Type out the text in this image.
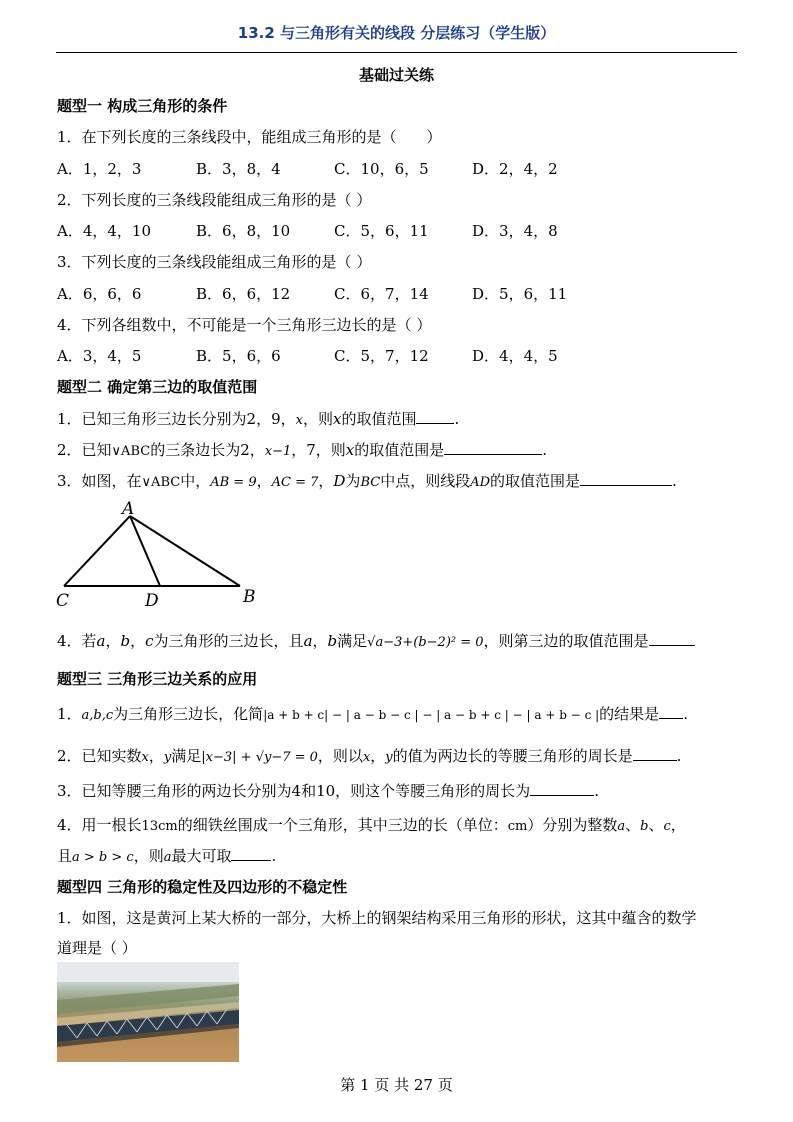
13.2 与三角形有关的线段 分层练习（学生版）
基础过关练
题型一 构成三角形的条件
1．在下列长度的三条线段中，能组成三角形的是（　　）
A．1，2，3	B．3，8，4	C．10，6，5	D．2，4，2
2．下列长度的三条线段能组成三角形的是（ ）
A．4，4，10	B．6，8，10	C．5，6，11	D．3，4，8
3．下列长度的三条线段能组成三角形的是（ ）
A．6，6，6	B．6，6，12	C．6，7，14	D．5，6，11
4．下列各组数中，不可能是一个三角形三边长的是（ ）
A．3，4，5	B．5，6，6	C．5，7，12	D．4，4，5
题型二 确定第三边的取值范围
1．已知三角形三边长分别为2，9，x，则x的取值范围	.
2．已知∨ABC的三条边长为2，x−1，7，则x的取值范围是	.
3．如图，在∨ABC中，AB = 9，AC = 7，D为BC中点，则线段AD的取值范围是	.
A
B
C	D
4．若a，b，c为三角形的三边长，且a，b满足√a−3+(b−2)² = 0，则第三边的取值范围是
题型三 三角形三边关系的应用
1．a,b,c为三角形三边长，化简|a + b + c| − | a − b − c | − | a − b + c | − | a + b − c |的结果是 .
2．已知实数x，y满足|x−3| + √y−7 = 0，则以x，y的值为两边长的等腰三角形的周长是	.
3．已知等腰三角形的两边长分别为4和10，则这个等腰三角形的周长为	.
4．用一根长13cm的细铁丝围成一个三角形，其中三边的长（单位：cm）分别为整数a、b、c，
且a > b > c，则a最大可取	.
题型四 三角形的稳定性及四边形的不稳定性
1．如图，这是黄河上某大桥的一部分，大桥上的钢架结构采用三角形的形状，这其中蕴含的数学
道理是（ ）
第 1 页 共 27 页
